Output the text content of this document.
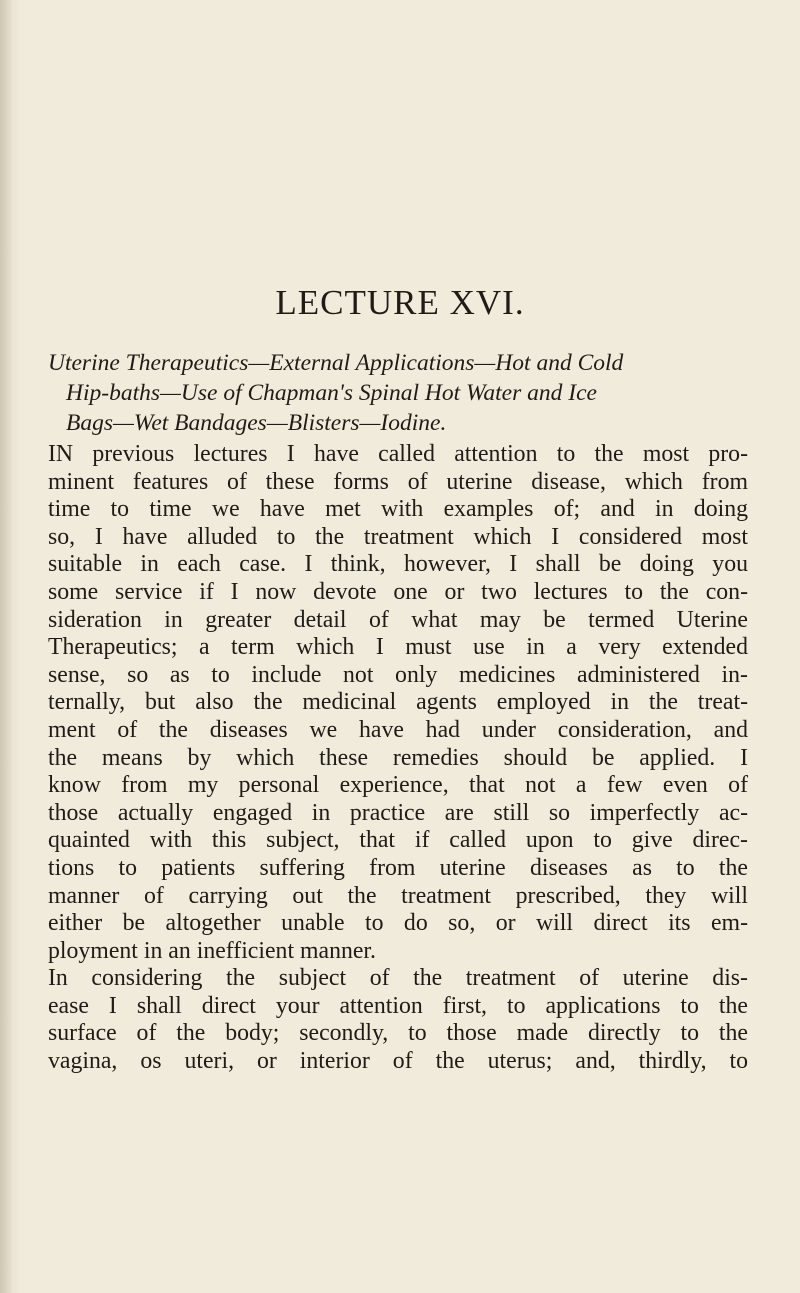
LECTURE XVI.

Uterine Therapeutics—External Applications—Hot and Cold
Hip-baths—Use of Chapman's Spinal Hot Water and Ice
Bags—Wet Bandages—Blisters—Iodine.

IN previous lectures I have called attention to the most pro-
minent features of these forms of uterine disease, which from
time to time we have met with examples of; and in doing
so, I have alluded to the treatment which I considered most
suitable in each case. I think, however, I shall be doing you
some service if I now devote one or two lectures to the con-
sideration in greater detail of what may be termed Uterine
Therapeutics; a term which I must use in a very extended
sense, so as to include not only medicines administered in-
ternally, but also the medicinal agents employed in the treat-
ment of the diseases we have had under consideration, and
the means by which these remedies should be applied. I
know from my personal experience, that not a few even of
those actually engaged in practice are still so imperfectly ac-
quainted with this subject, that if called upon to give direc-
tions to patients suffering from uterine diseases as to the
manner of carrying out the treatment prescribed, they will
either be altogether unable to do so, or will direct its em-
ployment in an inefficient manner.
In considering the subject of the treatment of uterine dis-
ease I shall direct your attention first, to applications to the
surface of the body; secondly, to those made directly to the
vagina, os uteri, or interior of the uterus; and, thirdly, to
